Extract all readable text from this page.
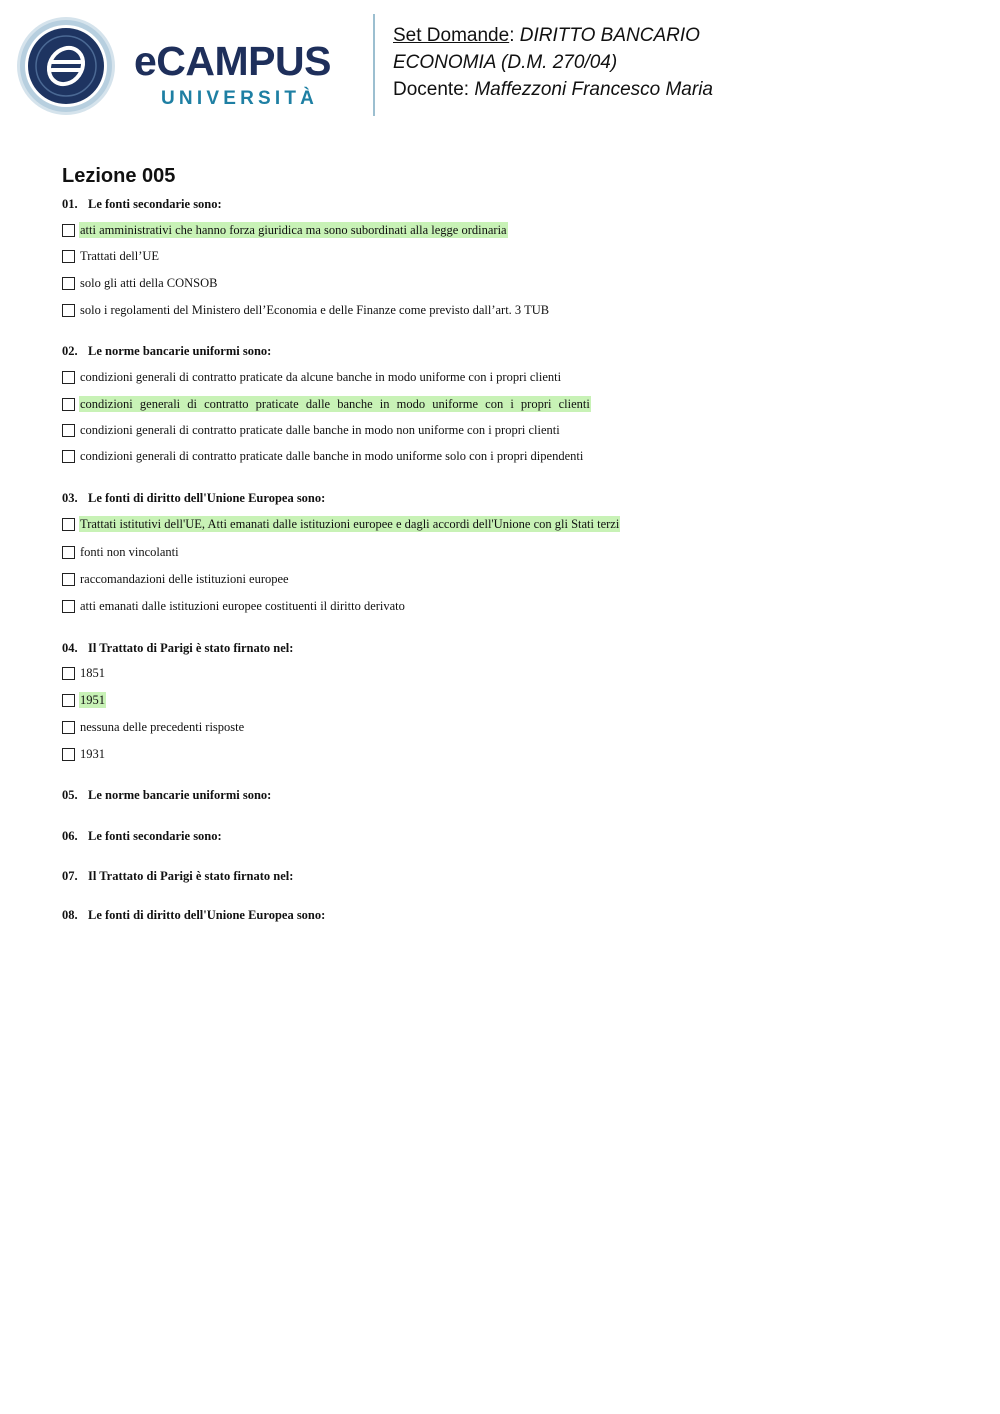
eCAMPUS
UNIVERSITÀ
Set Domande: DIRITTO BANCARIO
ECONOMIA (D.M. 270/04)
Docente: Maffezzoni Francesco Maria
Lezione 005

01. Le fonti secondarie sono:

atti amministrativi che hanno forza giuridica ma sono subordinati alla legge ordinaria
Trattati dell’UE
solo gli atti della CONSOB
solo i regolamenti del Ministero dell’Economia e delle Finanze come previsto dall’art. 3 TUB

02. Le norme bancarie uniformi sono:

condizioni generali di contratto praticate da alcune banche in modo uniforme con i propri clienti
condizioni generali di contratto praticate dalle banche in modo uniforme con i propri clienti
condizioni generali di contratto praticate dalle banche in modo non uniforme con i propri clienti
condizioni generali di contratto praticate dalle banche in modo uniforme solo con i propri dipendenti

03. Le fonti di diritto dell'Unione Europea sono:

Trattati istitutivi dell'UE, Atti emanati dalle istituzioni europee e dagli accordi dell'Unione con gli Stati terzi
fonti non vincolanti
raccomandazioni delle istituzioni europee
atti emanati dalle istituzioni europee costituenti il diritto derivato

04. Il Trattato di Parigi è stato firnato nel:

1851
1951
nessuna delle precedenti risposte
1931

05. Le norme bancarie uniformi sono:

06. Le fonti secondarie sono:

07. Il Trattato di Parigi è stato firnato nel:

08. Le fonti di diritto dell'Unione Europea sono:
